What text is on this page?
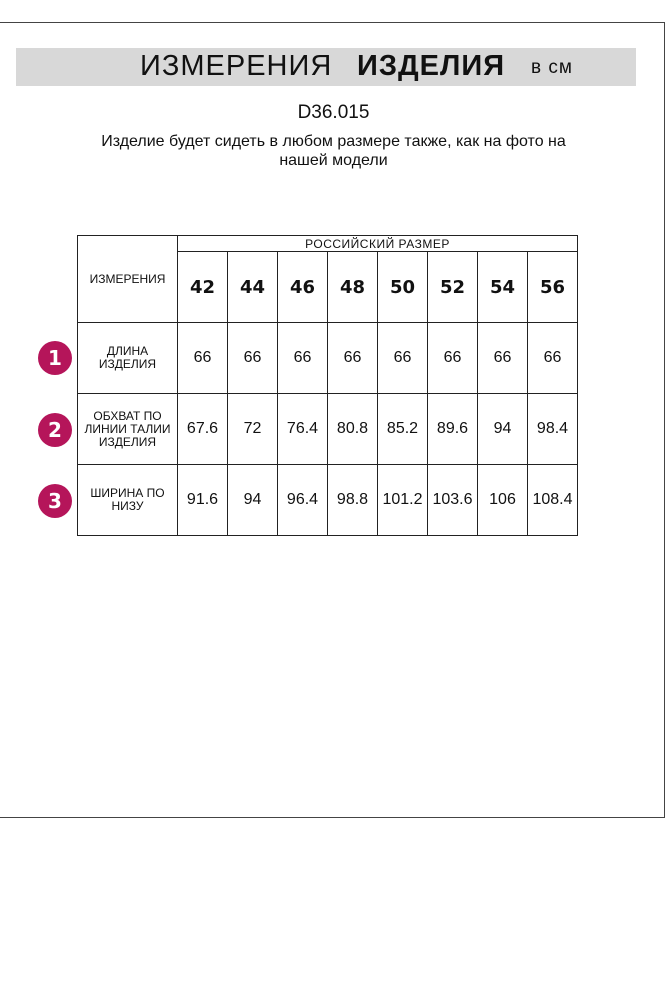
ИЗМЕРЕНИЯ ИЗДЕЛИЯ в см
D36.015
Изделие будет сидеть в любом размере также, как на фото на
нашей модели
1
2
3
ИЗМЕРЕНИЯ	РОССИЙСКИЙ РАЗМЕР							
	42	44	46	48	50	52	54	56

ДЛИНА
ИЗДЕЛИЯ	66	66	66	66	66	66	66	66

ОБХВАТ ПО
ЛИНИИ ТАЛИИ
ИЗДЕЛИЯ	67.6	72	76.4	80.8	85.2	89.6	94	98.4

ШИРИНА ПО
НИЗУ	91.6	94	96.4	98.8	101.2	103.6	106	108.4
